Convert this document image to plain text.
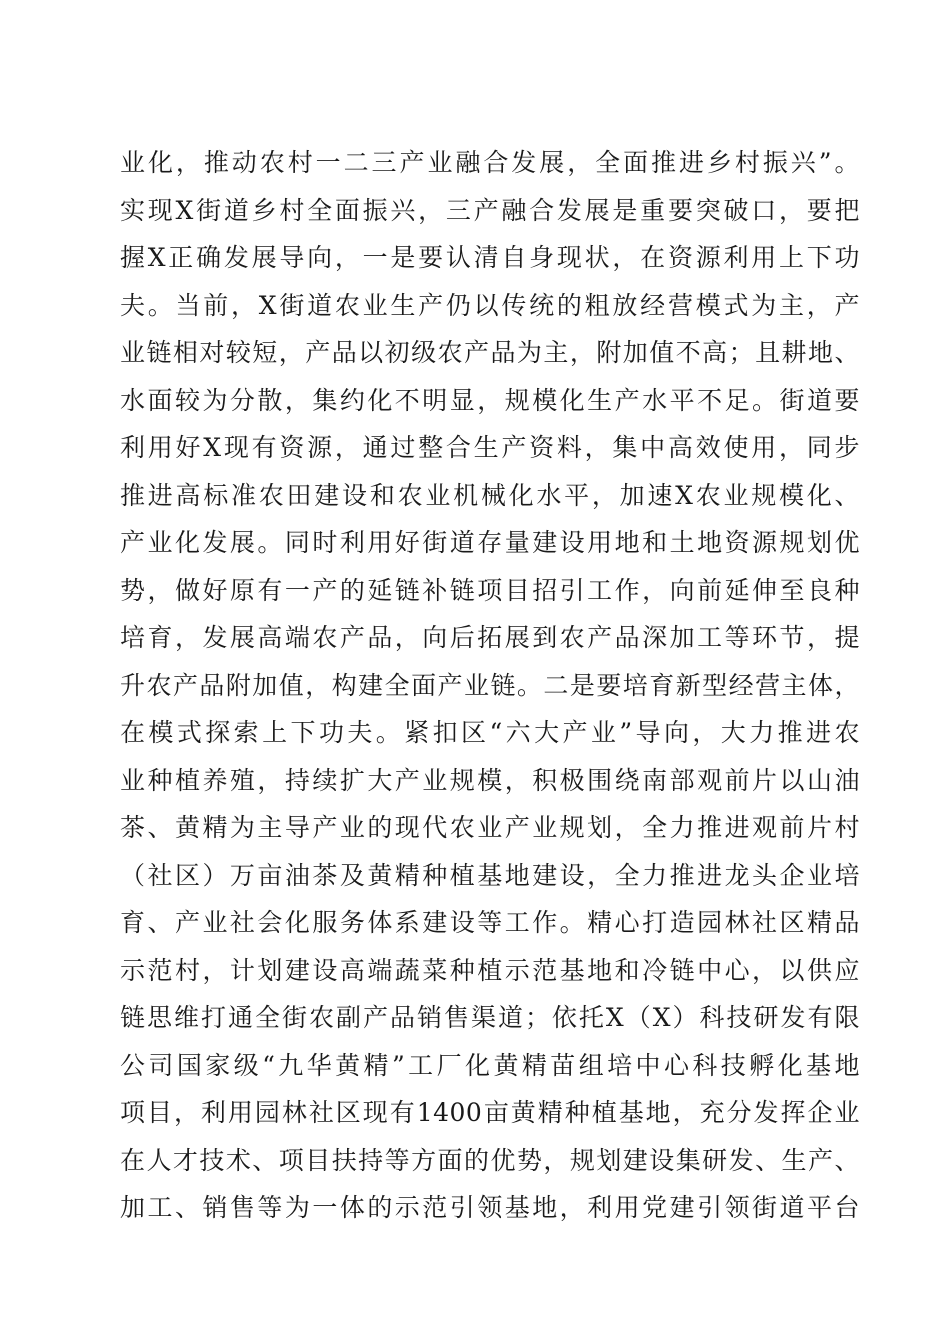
业化，推动农村一二三产业融合发展，全面推进乡村振兴”。
实现X街道乡村全面振兴，三产融合发展是重要突破口，要把
握X正确发展导向，一是要认清自身现状，在资源利用上下功
夫。当前，X街道农业生产仍以传统的粗放经营模式为主，产
业链相对较短，产品以初级农产品为主，附加值不高；且耕地、
水面较为分散，集约化不明显，规模化生产水平不足。街道要
利用好X现有资源，通过整合生产资料，集中高效使用，同步
推进高标准农田建设和农业机械化水平，加速X农业规模化、
产业化发展。同时利用好街道存量建设用地和土地资源规划优
势，做好原有一产的延链补链项目招引工作，向前延伸至良种
培育，发展高端农产品，向后拓展到农产品深加工等环节，提
升农产品附加值，构建全面产业链。二是要培育新型经营主体，
在模式探索上下功夫。紧扣区“六大产业”导向，大力推进农
业种植养殖，持续扩大产业规模，积极围绕南部观前片以山油
茶、黄精为主导产业的现代农业产业规划，全力推进观前片村
（社区）万亩油茶及黄精种植基地建设，全力推进龙头企业培
育、产业社会化服务体系建设等工作。精心打造园林社区精品
示范村，计划建设高端蔬菜种植示范基地和冷链中心，以供应
链思维打通全街农副产品销售渠道；依托X（X）科技研发有限
公司国家级“九华黄精”工厂化黄精苗组培中心科技孵化基地
项目，利用园林社区现有1400亩黄精种植基地，充分发挥企业
在人才技术、项目扶持等方面的优势，规划建设集研发、生产、
加工、销售等为一体的示范引领基地，利用党建引领街道平台
